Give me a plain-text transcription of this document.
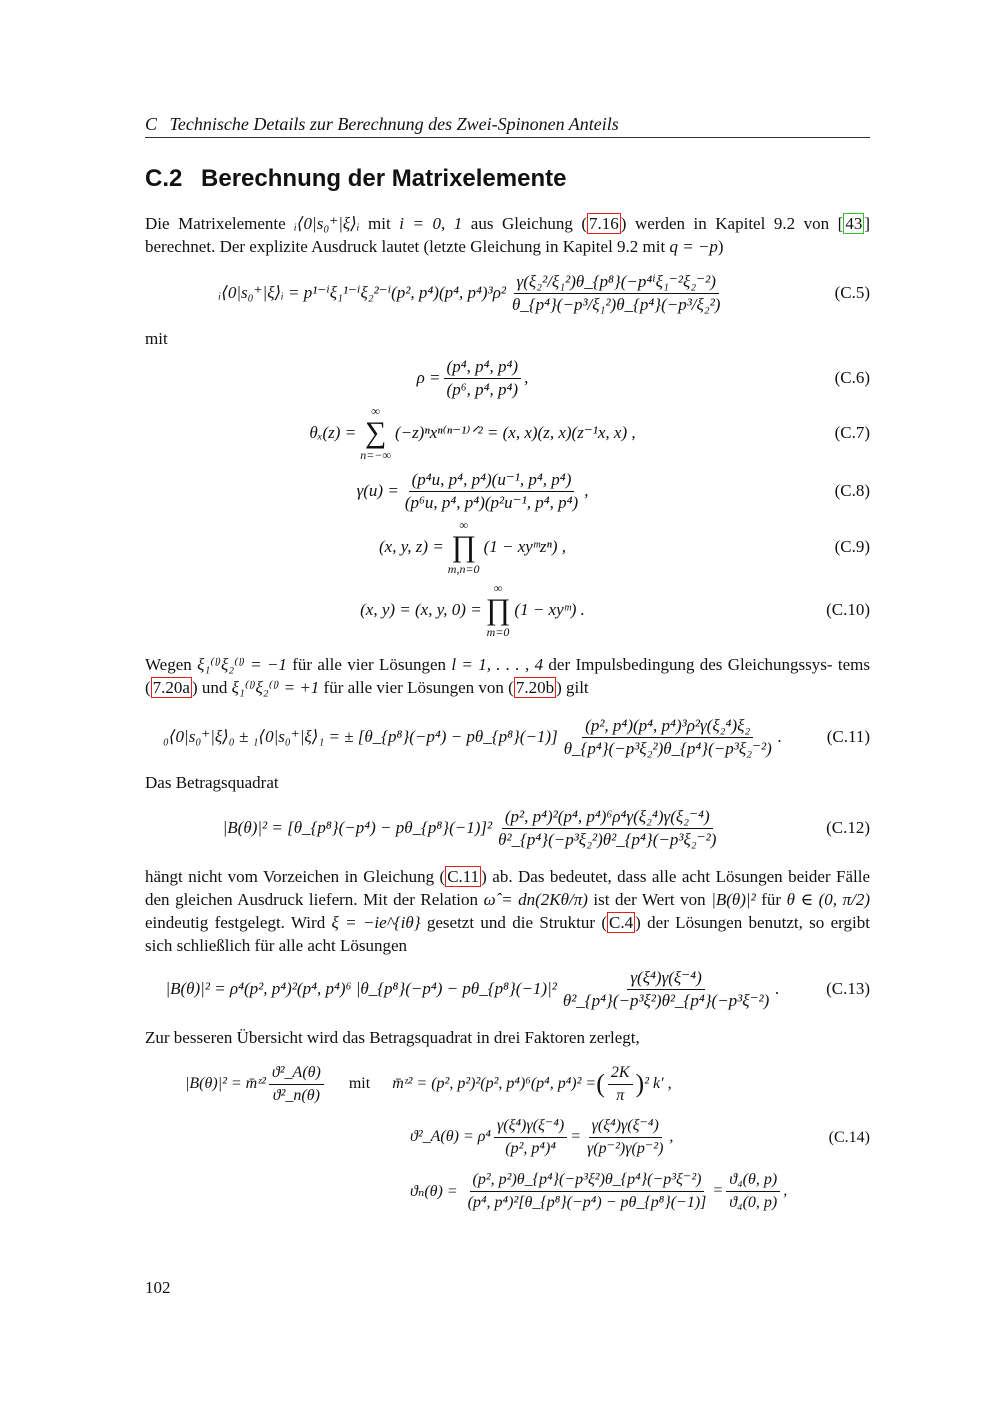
C Technische Details zur Berechnung des Zwei-Spinonen Anteils
C.2 Berechnung der Matrixelemente
Die Matrixelemente ᵢ⟨0|s₀⁺|ξ⟩ᵢ mit i = 0, 1 aus Gleichung ( 7.16 ) werden in Kapitel 9.2 von [ 43 ] berechnet. Der explizite Ausdruck lautet (letzte Gleichung in Kapitel 9.2 mit q = −p)
ᵢ⟨0|s₀⁺|ξ⟩ᵢ = p¹⁻ⁱξ₁¹⁻ⁱξ₂²⁻ⁱ(p², p⁴)(p⁴, $p^4)^3\rho^2 \frac{\text{γ(ξ₂²/ξ₁²)θ\_\{p⁸\}(−p⁴ⁱξ₁⁻²ξ₂⁻²)}}{\text{θ\_\{p⁴\}(−p³/ξ₁²)θ\_\{p⁴\}(−p³/ξ₂²)}}$	(C.5)
mit
$\rho = \frac{\text{(p⁴, p⁴, p⁴)}}{\text{(p⁶, p⁴, p⁴)}}$ ,	(C.6)
θₓ(z) =
∞
∑
n=−∞
(−z)ⁿxⁿ⁽ⁿ⁻¹⁾ᐟ² = (x, x)(z, x)(z⁻¹x, x) ,	(C.7)
$\gamma(u) = \frac{\text{(p⁴u, p⁴, p⁴)(u⁻¹, p⁴, p⁴)}}{\text{(p⁶u, p⁴, p⁴)(p²u⁻¹, p⁴, p⁴)}}$ ,	(C.8)
(x, y, z) =
∞
∏
m,n=0
(1 − xyᵐzⁿ) ,	(C.9)
(x, y) = (x, y, 0) =
∞
∏
m=0
(1 − xyᵐ) .	(C.10)
Wegen ξ₁⁽ˡ⁾ξ₂⁽ˡ⁾ = −1 für alle vier Lösungen l = 1, . . . , 4 der Impulsbedingung des Gleichungssys- tems ( 7.20a ) und ξ₁⁽ˡ⁾ξ₂⁽ˡ⁾ = +1 für alle vier Lösungen von ( 7.20b ) gilt
₀⟨0|s₀⁺|ξ⟩₀ ± ₁⟨0|s₀⁺|ξ⟩₁ = ± [θ_{p⁸}(−p⁴) − pθ_{p⁸}(−1)] $\frac{\text{(p², p⁴)(p⁴, p⁴)³ρ²γ(ξ₂⁴)ξ₂}}{\text{θ\_\{p⁴\}(−p³ξ₂²)θ\_\{p⁴\}(−p³ξ₂⁻²)}}$ .	(C.11)
Das Betragsquadrat
|B(θ)|² = [θ_{p⁸}(−p⁴) − pθ_{p⁸}(−1)]² $\frac{\text{(p², p⁴)²(p⁴, p⁴)⁶ρ⁴γ(ξ₂⁴)γ(ξ₂⁻⁴)}}{\text{θ²\_\{p⁴\}(−p³ξ₂²)θ²\_\{p⁴\}(−p³ξ₂⁻²)}}$	(C.12)
hängt nicht vom Vorzeichen in Gleichung ( C.11 ) ab. Das bedeutet, dass alle acht Lösungen beider Fälle den gleichen Ausdruck liefern. Mit der Relation ω̂ = dn(2Kθ/π) ist der Wert von |B(θ)|² für θ ∈ (0, π/2) eindeutig festgelegt. Wird ξ = −ie^{iθ} gesetzt und die Struktur ( C.4 ) der Lösungen benutzt, so ergibt sich schließlich für alle acht Lösungen
|B(θ)|² = ρ⁴(p², p⁴)²(p⁴, p⁴)⁶ |θ_{p⁸}(−p⁴) − pθ_{p⁸}(−1)|² $\frac{\text{γ(ξ⁴)γ(ξ⁻⁴)}}{\text{θ²\_\{p⁴\}(−p³ξ²)θ²\_\{p⁴\}(−p³ξ⁻²)}}$ .	(C.13)
Zur besseren Übersicht wird das Betragsquadrat in drei Faktoren zerlegt,
|B(θ)|² = m̄ᶻ² $\frac{\text{ϑ²\_A(θ)}}{\text{ϑ²\_n(θ)}}$ mit m̄ᶻ² =
(p², p²)²(p², p⁴)⁶(p⁴, p⁴)² = ( $\frac{2K}{\pi}$ ) ² k′ ,
ϑ²_A(θ) =
$\rho^4 \frac{\text{γ(ξ⁴)γ(ξ⁻⁴)}}{\text{(p², p⁴)⁴}} = \frac{\text{γ(ξ⁴)γ(ξ⁻⁴)}}{\text{γ(p⁻²)γ(p⁻²)}}$ ,
ϑₙ(θ) =
$\frac{\text{(p², p²)θ\_\{p⁴\}(−p³ξ²)θ\_\{p⁴\}(−p³ξ⁻²)}}{\text{(p⁴, p⁴)²[θ\_\{p⁸\}(−p⁴) − pθ\_\{p⁸\}(−1)]}} = \frac{\text{ϑ₄(θ, p)}}{\text{ϑ₄(0, p)}}$ ,
(C.14)
102
